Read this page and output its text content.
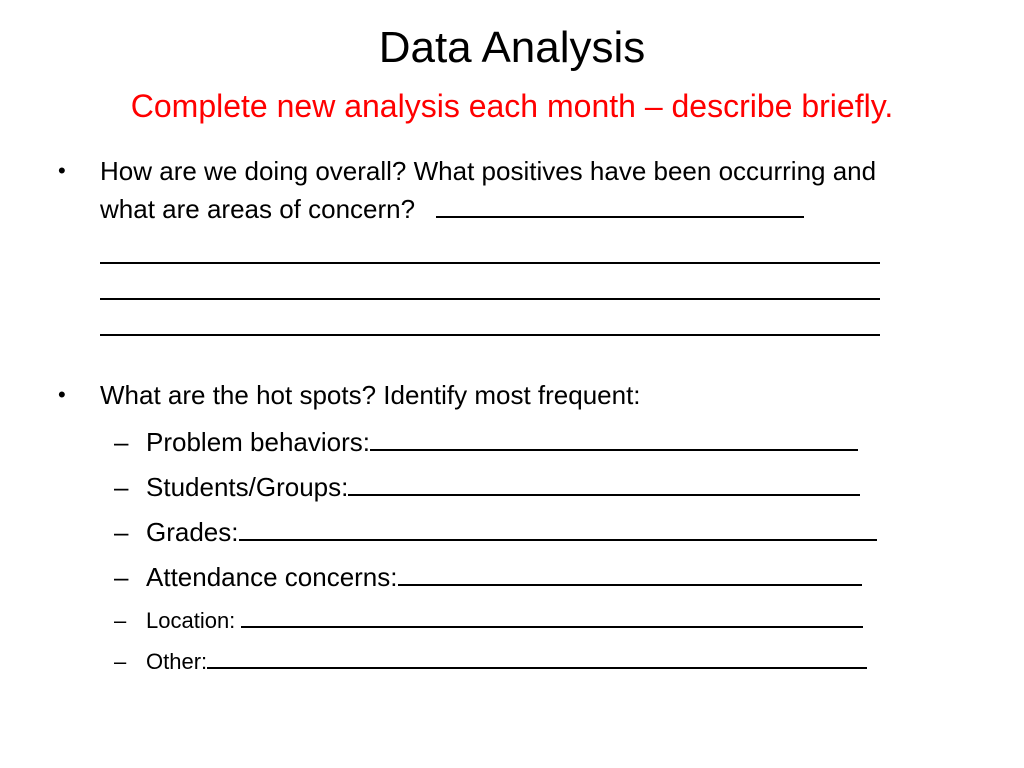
Data Analysis
Complete new analysis each month – describe briefly.
• How are we doing overall? What positives have been occurring and what are areas of concern?
• What are the hot spots? Identify most frequent:
– Problem behaviors:
– Students/Groups:
– Grades:
– Attendance concerns:
– Location:
– Other:
